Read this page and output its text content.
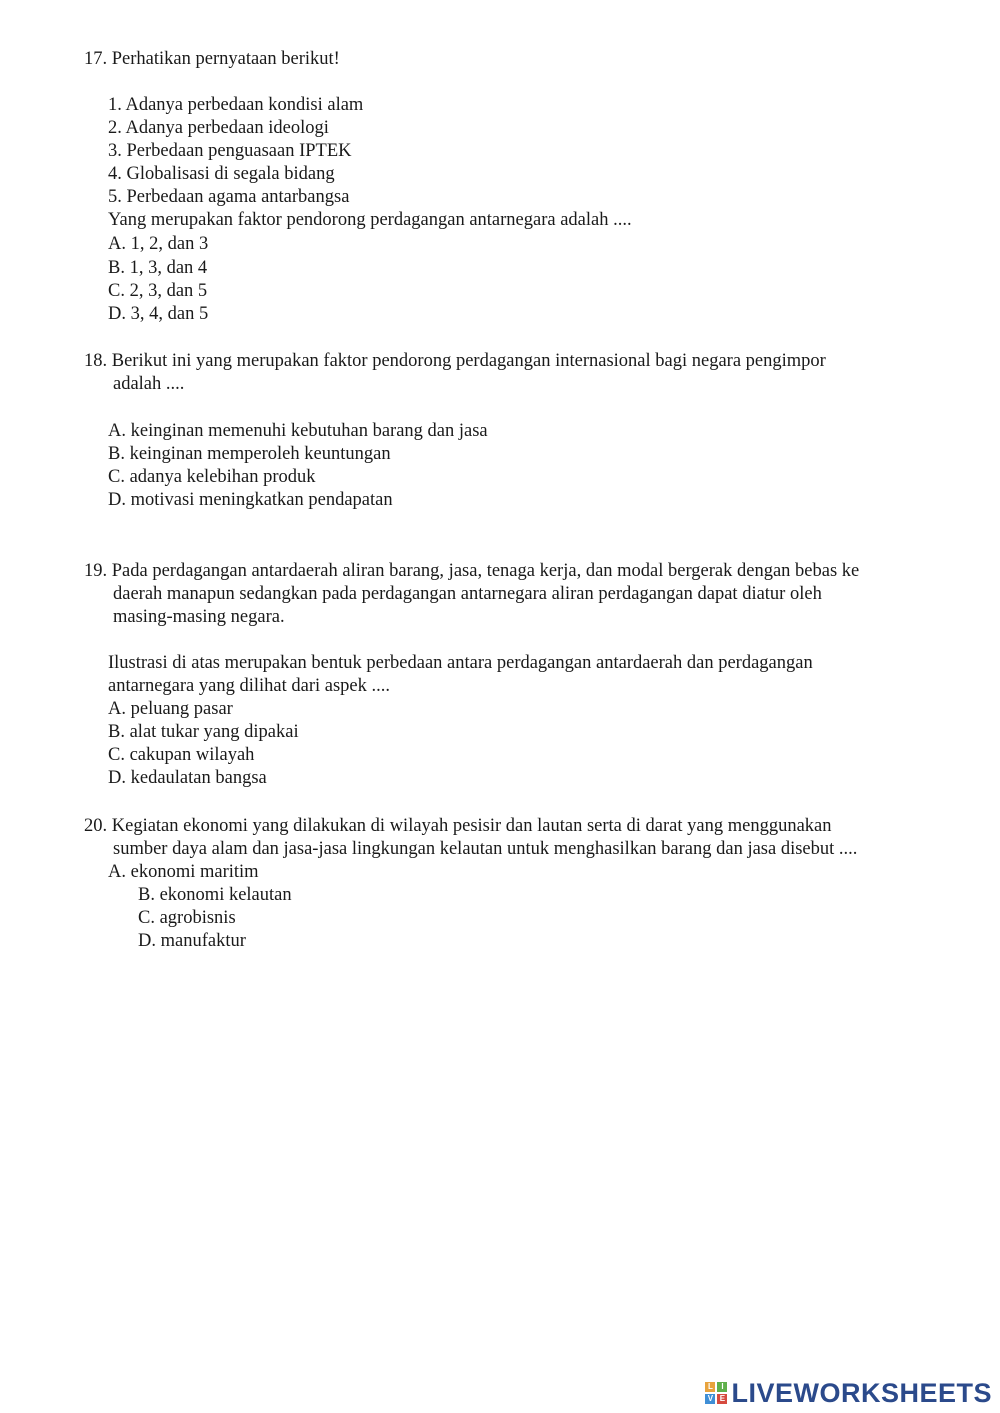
17. Perhatikan pernyataan berikut!
1. Adanya perbedaan kondisi alam
2. Adanya perbedaan ideologi
3. Perbedaan penguasaan IPTEK
4. Globalisasi di segala bidang
5. Perbedaan agama antarbangsa
Yang merupakan faktor pendorong perdagangan antarnegara adalah ....
A. 1, 2, dan 3
B. 1, 3, dan 4
C. 2, 3, dan 5
D. 3, 4, dan 5
18. Berikut ini yang merupakan faktor pendorong perdagangan internasional bagi negara pengimpor
adalah ....
A. keinginan memenuhi kebutuhan barang dan jasa
B. keinginan memperoleh keuntungan
C. adanya kelebihan produk
D. motivasi meningkatkan pendapatan
19. Pada perdagangan antardaerah aliran barang, jasa, tenaga kerja, dan modal bergerak dengan bebas ke
daerah manapun sedangkan pada perdagangan antarnegara aliran perdagangan dapat diatur oleh
masing-masing negara.
Ilustrasi di atas merupakan bentuk perbedaan antara perdagangan antardaerah dan perdagangan
antarnegara yang dilihat dari aspek ....
A. peluang pasar
B. alat tukar yang dipakai
C. cakupan wilayah
D. kedaulatan bangsa
20. Kegiatan ekonomi yang dilakukan di wilayah pesisir dan lautan serta di darat yang menggunakan
sumber daya alam dan jasa-jasa lingkungan kelautan untuk menghasilkan barang dan jasa disebut ....
A. ekonomi maritim
B. ekonomi kelautan
C. agrobisnis
D. manufaktur
L	I
V E LIVEWORKSHEETS
